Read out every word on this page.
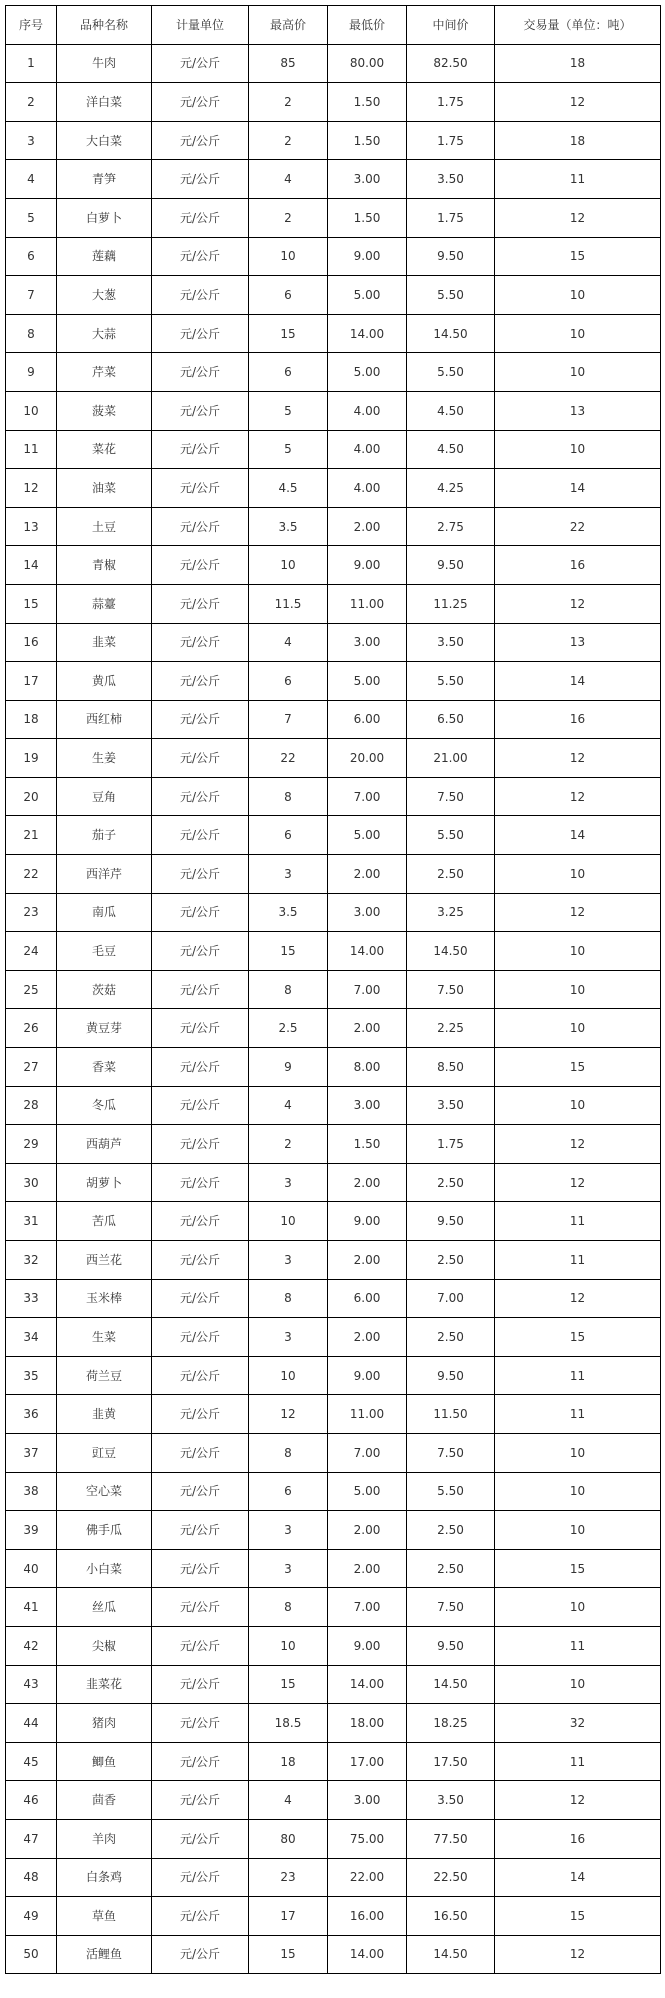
序号	品种名称	计量单位	最高价	最低价	中间价	交易量（单位：吨）
1	牛肉	元/公斤	85	80.00	82.50	18
2	洋白菜	元/公斤	2	1.50	1.75	12
3	大白菜	元/公斤	2	1.50	1.75	18
4	青笋	元/公斤	4	3.00	3.50	11
5	白萝卜	元/公斤	2	1.50	1.75	12
6	莲藕	元/公斤	10	9.00	9.50	15
7	大葱	元/公斤	6	5.00	5.50	10
8	大蒜	元/公斤	15	14.00	14.50	10
9	芹菜	元/公斤	6	5.00	5.50	10
10	菠菜	元/公斤	5	4.00	4.50	13
11	菜花	元/公斤	5	4.00	4.50	10
12	油菜	元/公斤	4.5	4.00	4.25	14
13	土豆	元/公斤	3.5	2.00	2.75	22
14	青椒	元/公斤	10	9.00	9.50	16
15	蒜薹	元/公斤	11.5	11.00	11.25	12
16	韭菜	元/公斤	4	3.00	3.50	13
17	黄瓜	元/公斤	6	5.00	5.50	14
18	西红柿	元/公斤	7	6.00	6.50	16
19	生姜	元/公斤	22	20.00	21.00	12
20	豆角	元/公斤	8	7.00	7.50	12
21	茄子	元/公斤	6	5.00	5.50	14
22	西洋芹	元/公斤	3	2.00	2.50	10
23	南瓜	元/公斤	3.5	3.00	3.25	12
24	毛豆	元/公斤	15	14.00	14.50	10
25	茨菇	元/公斤	8	7.00	7.50	10
26	黄豆芽	元/公斤	2.5	2.00	2.25	10
27	香菜	元/公斤	9	8.00	8.50	15
28	冬瓜	元/公斤	4	3.00	3.50	10
29	西葫芦	元/公斤	2	1.50	1.75	12
30	胡萝卜	元/公斤	3	2.00	2.50	12
31	苦瓜	元/公斤	10	9.00	9.50	11
32	西兰花	元/公斤	3	2.00	2.50	11
33	玉米棒	元/公斤	8	6.00	7.00	12
34	生菜	元/公斤	3	2.00	2.50	15
35	荷兰豆	元/公斤	10	9.00	9.50	11
36	韭黄	元/公斤	12	11.00	11.50	11
37	豇豆	元/公斤	8	7.00	7.50	10
38	空心菜	元/公斤	6	5.00	5.50	10
39	佛手瓜	元/公斤	3	2.00	2.50	10
40	小白菜	元/公斤	3	2.00	2.50	15
41	丝瓜	元/公斤	8	7.00	7.50	10
42	尖椒	元/公斤	10	9.00	9.50	11
43	韭菜花	元/公斤	15	14.00	14.50	10
44	猪肉	元/公斤	18.5	18.00	18.25	32
45	鲫鱼	元/公斤	18	17.00	17.50	11
46	茴香	元/公斤	4	3.00	3.50	12
47	羊肉	元/公斤	80	75.00	77.50	16
48	白条鸡	元/公斤	23	22.00	22.50	14
49	草鱼	元/公斤	17	16.00	16.50	15
50	活鲤鱼	元/公斤	15	14.00	14.50	12
